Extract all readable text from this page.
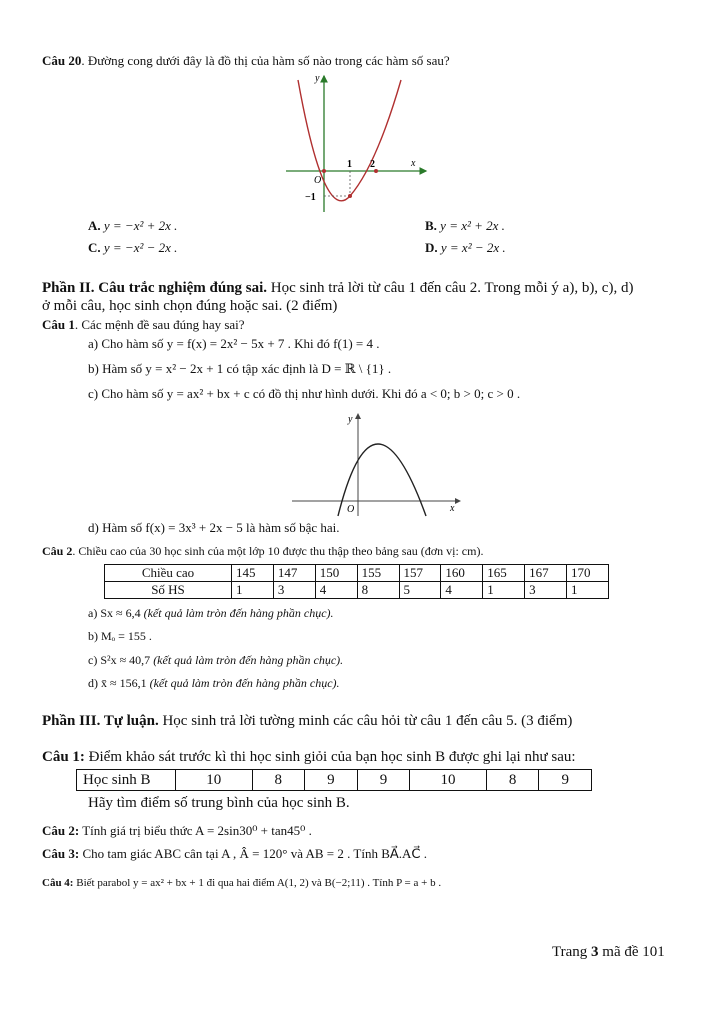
Câu 20. Đường cong dưới đây là đồ thị của hàm số nào trong các hàm số sau?
y
x
O
1 2
−1
A. y = −x² + 2x .	B. y = x² + 2x .
C. y = −x² − 2x .	D. y = x² − 2x .
Phần II. Câu trắc nghiệm đúng sai. Học sinh trả lời từ câu 1 đến câu 2. Trong mỗi ý a), b), c), d)
ở mỗi câu, học sinh chọn đúng hoặc sai. (2 điểm)
Câu 1. Các mệnh đề sau đúng hay sai?
a) Cho hàm số y = f(x) = 2x² − 5x + 7 . Khi đó f(1) = 4 .
b) Hàm số y = x² − 2x + 1 có tập xác định là D = ℝ \ {1} .
c) Cho hàm số y = ax² + bx + c có đồ thị như hình dưới. Khi đó a < 0; b > 0; c > 0 .
y
x
O
d) Hàm số f(x) = 3x³ + 2x − 5 là hàm số bậc hai.
Câu 2. Chiều cao của 30 học sinh của một lớp 10 được thu thập theo bảng sau (đơn vị: cm).
Chiều cao	145	147	150	155	157	160	165	167	170
Số HS	1	3	4	8	5	4	1	3	1
a) Sx ≈ 6,4 (kết quả làm tròn đến hàng phần chục).
b) Mₒ = 155 .
c) S²x ≈ 40,7 (kết quả làm tròn đến hàng phần chục).
d) x̄ ≈ 156,1 (kết quả làm tròn đến hàng phần chục).
Phần III. Tự luận. Học sinh trả lời tường minh các câu hỏi từ câu 1 đến câu 5. (3 điểm)
Câu 1: Điểm khảo sát trước kì thi học sinh giỏi của bạn học sinh B được ghi lại như sau:
Học sinh B	10	8	9	9	10	8	9
Hãy tìm điểm số trung bình của học sinh B.
Câu 2: Tính giá trị biểu thức A = 2sin30⁰ + tan45⁰ .
Câu 3: Cho tam giác ABC cân tại A , Â = 120° và AB = 2 . Tính BA⃗.AC⃗ .
Câu 4: Biết parabol y = ax² + bx + 1 đi qua hai điểm A(1, 2) và B(−2;11) . Tính P = a + b .
Trang 3 mã đề 101
